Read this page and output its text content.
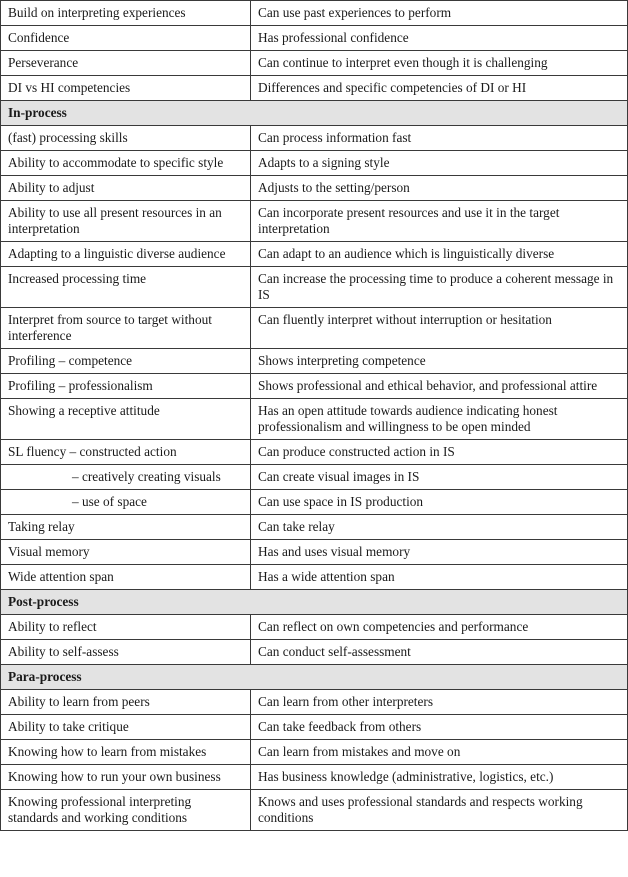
Build on interpreting experiences	Can use past experiences to perform
Confidence	Has professional confidence
Perseverance	Can continue to interpret even though it is challenging
DI vs HI competencies	Differences and specific competencies of DI or HI
In-process	
(fast) processing skills	Can process information fast
Ability to accommodate to specific style	Adapts to a signing style
Ability to adjust	Adjusts to the setting/person
Ability to use all present resources in an interpretation	Can incorporate present resources and use it in the target interpretation
Adapting to a linguistic diverse audience	Can adapt to an audience which is linguistically diverse
Increased processing time	Can increase the processing time to produce a coherent message in IS
Interpret from source to target without interference	Can fluently interpret without interruption or hesitation
Profiling – competence	Shows interpreting competence
Profiling – professionalism	Shows professional and ethical behavior, and professional attire
Showing a receptive attitude	Has an open attitude towards audience indicating honest professionalism and willingness to be open minded
SL fluency – constructed action	Can produce constructed action in IS
– creatively creating visuals	Can create visual images in IS
– use of space	Can use space in IS production
Taking relay	Can take relay
Visual memory	Has and uses visual memory
Wide attention span	Has a wide attention span
Post-process	
Ability to reflect	Can reflect on own competencies and performance
Ability to self-assess	Can conduct self-assessment
Para-process	
Ability to learn from peers	Can learn from other interpreters
Ability to take critique	Can take feedback from others
Knowing how to learn from mistakes	Can learn from mistakes and move on
Knowing how to run your own business	Has business knowledge (administrative, logistics, etc.)
Knowing professional interpreting standards and working conditions	Knows and uses professional standards and respects working conditions
